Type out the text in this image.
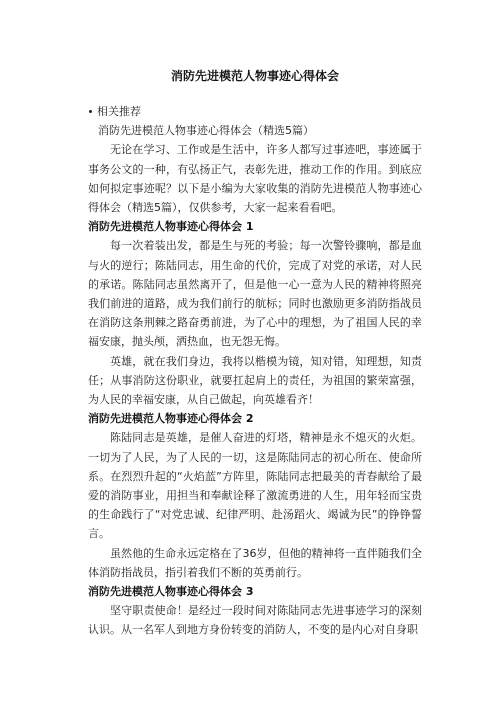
消防先进模范人物事迹心得体会
相关推荐
消防先进模范人物事迹心得体会（精选5篇）

无论在学习、工作或是生活中，许多人都写过事迹吧，事迹属于事务公文的一种，有弘扬正气，表彰先进，推动工作的作用。到底应如何拟定事迹呢？以下是小编为大家收集的消防先进模范人物事迹心得体会（精选5篇），仅供参考，大家一起来看看吧。

消防先进模范人物事迹心得体会 1

每一次着装出发，都是生与死的考验；每一次警铃骤响，都是血与火的逆行；陈陆同志，用生命的代价，完成了对党的承诺，对人民的承诺。陈陆同志虽然离开了，但是他一心一意为人民的精神将照亮我们前进的道路，成为我们前行的航标；同时也激励更多消防指战员在消防这条荆棘之路奋勇前进，为了心中的理想，为了祖国人民的幸福安康，抛头颅，洒热血，也无怨无悔。

英雄，就在我们身边，我将以楷模为镜，知对错，知理想，知责任；从事消防这份职业，就要扛起肩上的责任，为祖国的繁荣富强，为人民的幸福安康，从自己做起，向英雄看齐！

消防先进模范人物事迹心得体会 2

陈陆同志是英雄，是催人奋进的灯塔，精神是永不熄灭的火炬。一切为了人民，为了人民的一切，这是陈陆同志的初心所在、使命所系。在烈烈升起的“火焰蓝”方阵里，陈陆同志把最美的青春献给了最爱的消防事业，用担当和奉献诠释了激流勇进的人生，用年轻而宝贵的生命践行了“对党忠诚、纪律严明、赴汤蹈火、竭诚为民”的铮铮誓言。

虽然他的生命永远定格在了36岁，但他的精神将一直伴随我们全体消防指战员，指引着我们不断的英勇前行。

消防先进模范人物事迹心得体会 3

坚守职责使命！是经过一段时间对陈陆同志先进事迹学习的深刻认识。从一名军人到地方身份转变的消防人，不变的是内心对自身职
